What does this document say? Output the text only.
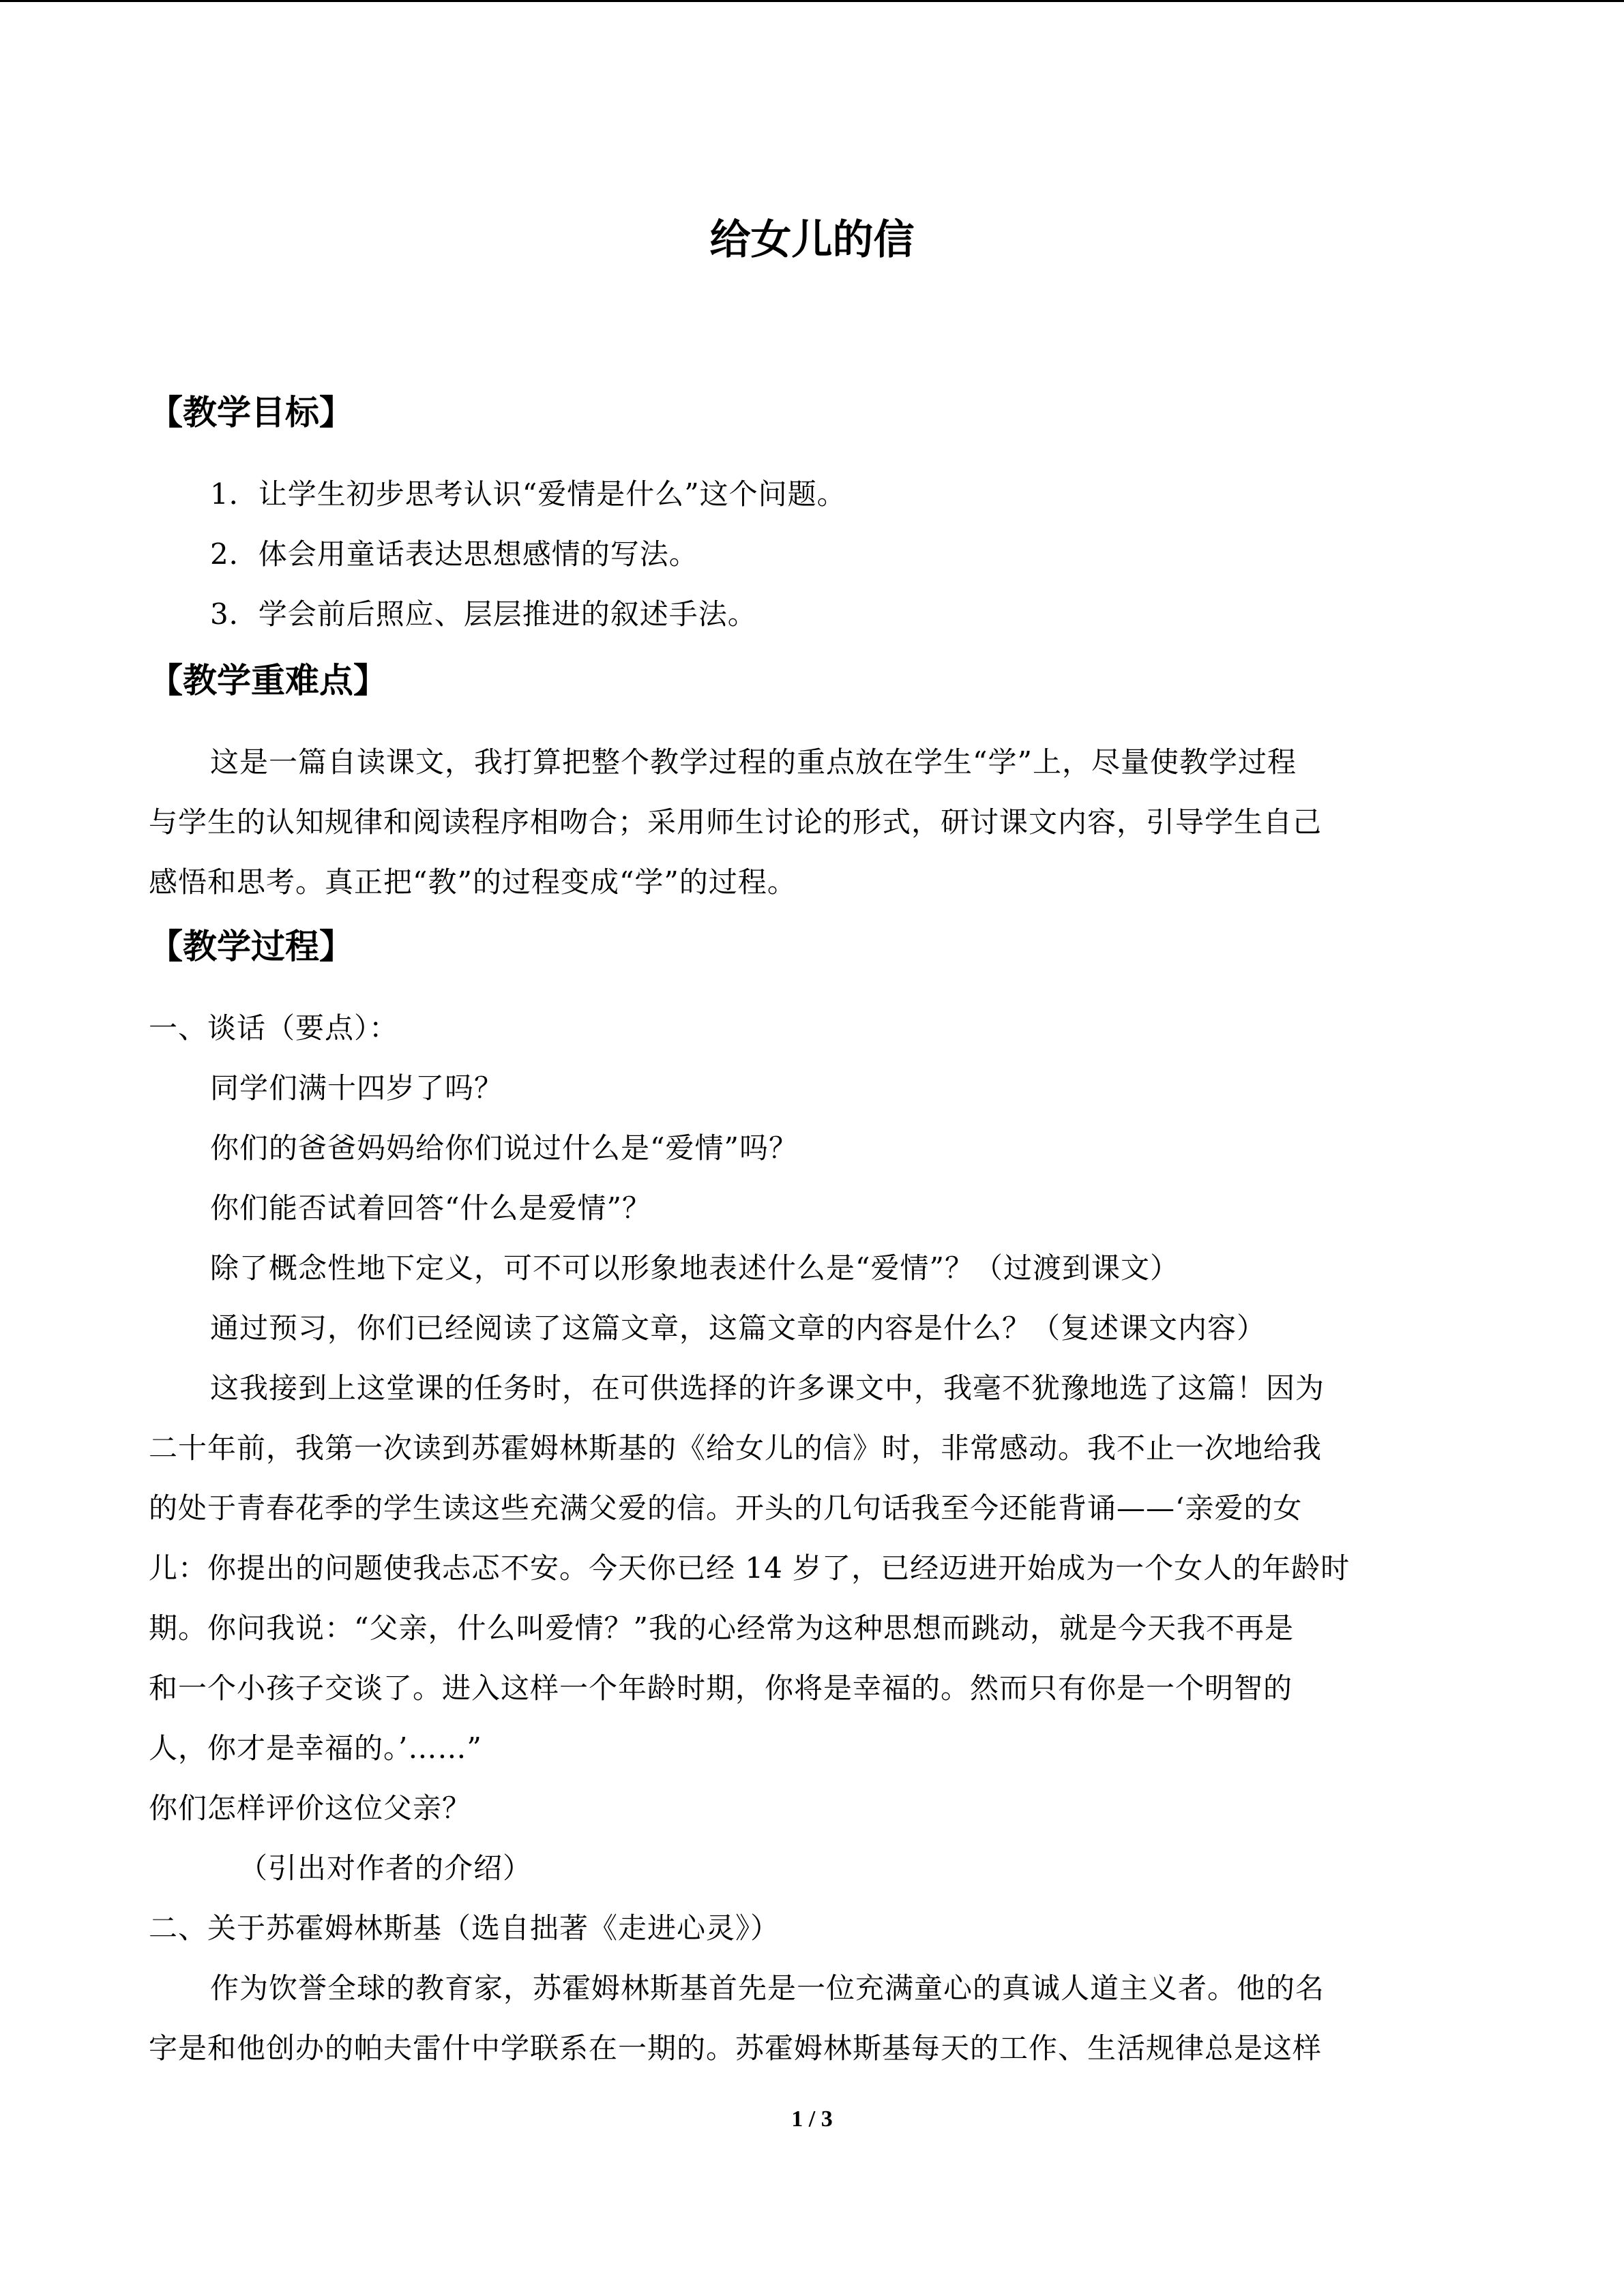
给女儿的信
【教学目标】

1．让学生初步思考认识“爱情是什么”这个问题。

2．体会用童话表达思想感情的写法。

3．学会前后照应、层层推进的叙述手法。

【教学重难点】

这是一篇自读课文，我打算把整个教学过程的重点放在学生“学”上，尽量使教学过程

与学生的认知规律和阅读程序相吻合；采用师生讨论的形式，研讨课文内容，引导学生自己

感悟和思考。真正把“教”的过程变成“学”的过程。

【教学过程】

一、谈话（要点）：

同学们满十四岁了吗？

你们的爸爸妈妈给你们说过什么是“爱情”吗？

你们能否试着回答“什么是爱情”？

除了概念性地下定义，可不可以形象地表述什么是“爱情”？（过渡到课文）

通过预习，你们已经阅读了这篇文章，这篇文章的内容是什么？（复述课文内容）

这我接到上这堂课的任务时，在可供选择的许多课文中，我毫不犹豫地选了这篇！因为

二十年前，我第一次读到苏霍姆林斯基的《给女儿的信》时，非常感动。我不止一次地给我

的处于青春花季的学生读这些充满父爱的信。开头的几句话我至今还能背诵——‘亲爱的女

儿：你提出的问题使我忐忑不安。今天你已经 14 岁了，已经迈进开始成为一个女人的年龄时

期。你问我说：“父亲，什么叫爱情？”我的心经常为这种思想而跳动，就是今天我不再是

和一个小孩子交谈了。进入这样一个年龄时期，你将是幸福的。然而只有你是一个明智的

人，你才是幸福的。’……”

你们怎样评价这位父亲？

（引出对作者的介绍）

二、关于苏霍姆林斯基（选自拙著《走进心灵》）

作为饮誉全球的教育家，苏霍姆林斯基首先是一位充满童心的真诚人道主义者。他的名

字是和他创办的帕夫雷什中学联系在一期的。苏霍姆林斯基每天的工作、生活规律总是这样

1 / 3
